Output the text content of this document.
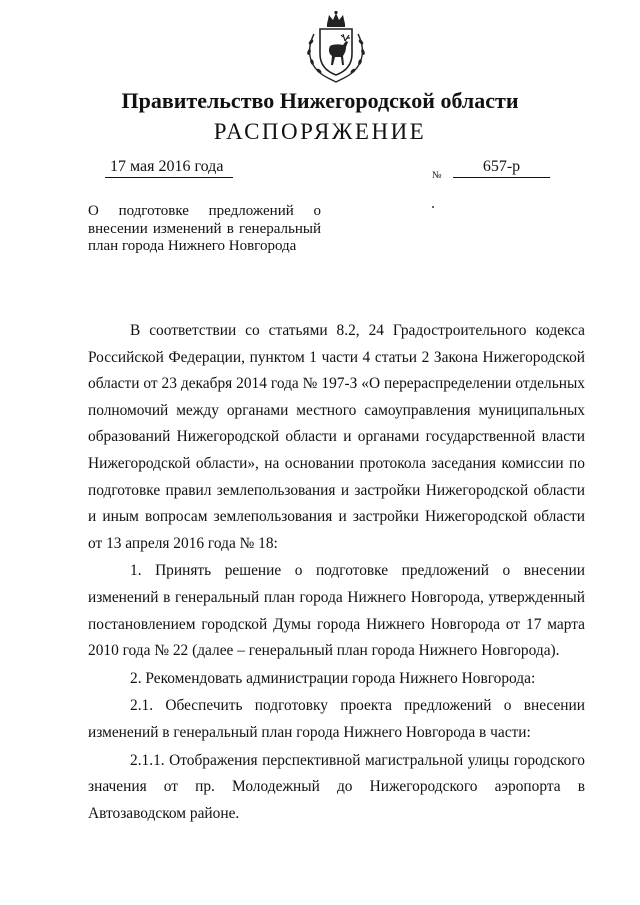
Правительство Нижегородской области
РАСПОРЯЖЕНИЕ
17 мая 2016 года
№
657-р

О подготовке предложений о внесении изменений в генеральный план города Нижнего Новгорода

В соответствии со статьями 8.2, 24 Градостроительного кодекса Российской Федерации, пунктом 1 части 4 статьи 2 Закона Нижегородской области от 23 декабря 2014 года № 197-З «О перераспределении отдельных полномочий между органами местного самоуправления муниципальных образований Нижегородской области и органами государственной власти Нижегородской области», на основании протокола заседания комиссии по подготовке правил землепользования и застройки Нижегородской области и иным вопросам землепользования и застройки Нижегородской области от 13 апреля 2016 года № 18:

1. Принять решение о подготовке предложений о внесении изменений в генеральный план города Нижнего Новгорода, утвержденный постановлением городской Думы города Нижнего Новгорода от 17 марта 2010 года № 22 (далее – генеральный план города Нижнего Новгорода).

2. Рекомендовать администрации города Нижнего Новгорода:

2.1. Обеспечить подготовку проекта предложений о внесении изменений в генеральный план города Нижнего Новгорода в части:

2.1.1. Отображения перспективной магистральной улицы городского значения от пр. Молодежный до Нижегородского аэропорта в Автозаводском районе.
